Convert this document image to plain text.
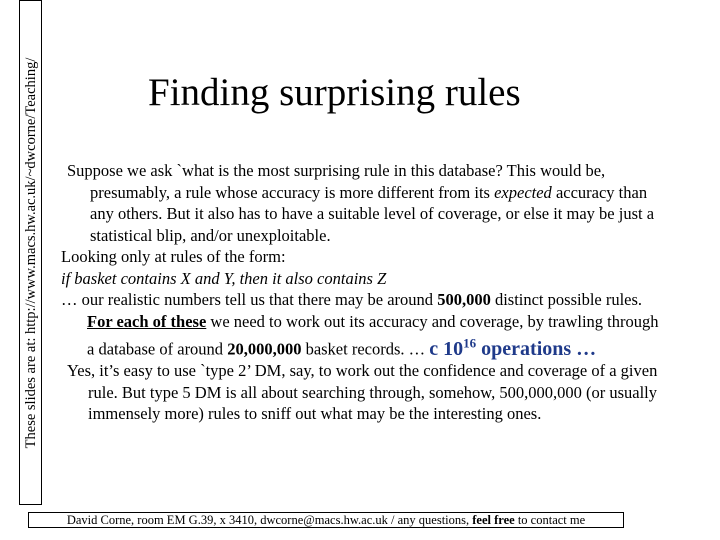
These slides are at: http://www.macs.hw.ac.uk/~dwcorne/Teaching/	Finding surprising rules

Suppose we ask `what is the most surprising rule in this database? This would be, presumably, a rule whose accuracy is more different from its expected accuracy than any others. But it also has to have a suitable level of coverage, or else it may be just a statistical blip, and/or unexploitable.

Looking only at rules of the form:

if basket contains X and Y, then it also contains Z

… our realistic numbers tell us that there may be around 500,000 distinct possible rules. For each of these we need to work out its accuracy and coverage, by trawling through a database of around 20,000,000 basket records. … c $10^{16}$ operations …

Yes, it’s easy to use `type 2’ DM, say, to work out the confidence and coverage of a given rule. But type 5 DM is all about searching through, somehow, 500,000,000 (or usually immensely more) rules to sniff out what may be the interesting ones.

David Corne, room EM G.39, x 3410, dwcorne@macs.hw.ac.uk / any questions, feel free to contact me
